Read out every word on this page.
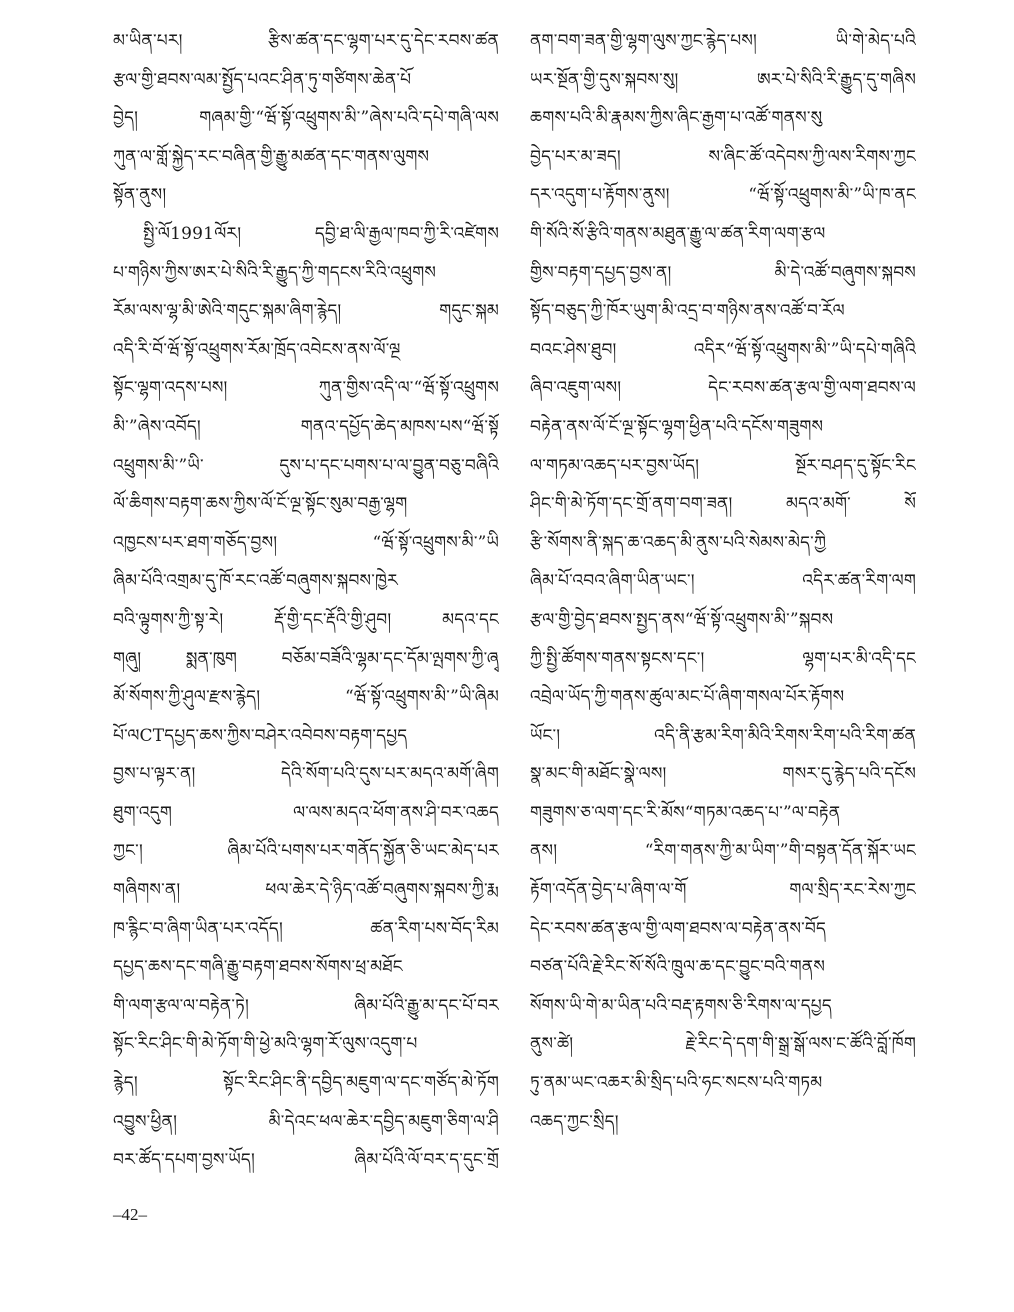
མ་ཡིན་པར། རྩིས་ཚན་དང་ལྷག་པར་དུ་དེང་རབས་ཚན
རྩལ་གྱི་ཐབས་ལམ་སྤྱོད་པའང་ཤིན་ཏུ་གཙིགས་ཆེན་པོ
བྱེད། གཞམ་གྱི་“ཝོ་སྟོ་འཕྲུགས་མི་”ཞེས་པའི་དཔེ་གཞི་ལས
ཀུན་ལ་གློ་སྐྱེད་རང་བཞིན་གྱི་རྒྱུ་མཚན་དང་གནས་ལུགས
སྟོན་ནུས།
སྤྱི་ལོ1991ལོར། དབྱི་ཐ་ལི་རྒྱལ་ཁབ་ཀྱི་རི་འཛེགས
པ་གཉིས་ཀྱིས་ཨར་པེ་སིའི་རི་རྒྱུད་ཀྱི་གདངས་རིའི་འཕྲུགས
རོམ་ལས་ལྷ་མི་ཨེའི་གདུང་སྐམ་ཞིག་རྙེད། གདུང་སྐམ
འདི་རི་བོ་ཝོ་སྟོ་འཕྲུགས་རོམ་ཁྲོད་འབེངས་ནས་ལོ་ལྔ
སྟོང་ལྷག་འདས་པས། ཀུན་གྱིས་འདི་ལ་“ཝོ་སྟོ་འཕྲུགས
མི་”ཞེས་འབོད། གནའ་དཔྱོད་ཆེད་མཁས་པས“ཝོ་སྟོ
འཕྲུགས་མི་”ཡི་ དུས་པ་དང་པགས་པ་ལ་བྱུན་བཅུ་བཞིའི
ལོ་ཆིགས་བརྟག་ཆས་ཀྱིས་ལོ་ངོ་ལྔ་སྟོང་སུམ་བརྒྱ་ལྷག
འཁྱངས་པར་ཐག་གཅོད་བྱས། “ཝོ་སྟོ་འཕྲུགས་མི་”ཡི
ཞིམ་པོའི་འགྲམ་དུ་ཁོ་རང་འཚོ་བཞུགས་སྐབས་ཁྱེར
བའི་ལྟུགས་ཀྱི་སྟ་རེ། རྡོ་གྱི་དང་རྡོའི་གྱི་ཤུབ། མདའ་དང
གཞུ། སྨན་ཁུག བཅོམ་བཟོའི་ལྷམ་དང་དོམ་ལྤགས་ཀྱི་ཞྭ
མོ་སོགས་ཀྱི་ཤུལ་རྫས་རྙེད། “ཝོ་སྟོ་འཕྲུགས་མི་”ཡི་ཞིམ
པོ་ལCTདཔྱད་ཆས་ཀྱིས་བཤེར་འབེབས་བརྟག་དཔྱད
བྱས་པ་ལྟར་ན། དེའི་སོག་པའི་དུས་པར་མདའ་མགོ་ཞིག
ཐུག་འདུག ལ་ལས་མདའ་ཕོག་ནས་ཤི་བར་འཆད
ཀྱང་། ཞིམ་པོའི་པགས་པར་གནོད་སྐྱོན་ཅི་ཡང་མེད་པར
གཞིགས་ན། ཕལ་ཆེར་དེ་ཉིད་འཚོ་བཞུགས་སྐབས་ཀྱི་རྨ
ཁ་རྙིང་བ་ཞིག་ཡིན་པར་འདོད། ཚན་རིག་པས་བོད་རིམ
དཔྱད་ཆས་དང་གཞི་རྒྱུ་བརྟག་ཐབས་སོགས་ཕྲ་མཐོང
གི་ལག་རྩལ་ལ་བརྟེན་ཏེ། ཞིམ་པོའི་རྒྱུ་མ་དང་པོ་བར
སྟོང་རིང་ཤིང་གི་མེ་ཏོག་གི་ཕྱེ་མའི་ལྷག་རོ་ལུས་འདུག་པ
རྙེད། སྟོང་རིང་ཤིང་ནི་དབྱིད་མཇུག་ལ་དང་གཙོད་མེ་ཏོག
འབྱུས་ཕྱིན། མི་དེའང་ཕལ་ཆེར་དབྱིད་མཇུག་ཅིག་ལ་ཤི
བར་ཚོད་དཔག་བྱས་ཡོད། ཞིམ་པོའི་ལོ་བར་ད་དུང་གྲོ
ནག་བག་ཟན་གྱི་ལྷག་ལུས་ཀྱང་རྙེད་པས། ཡི་གེ་མེད་པའི
ཡར་སྔོན་གྱི་དུས་སྐབས་སུ། ཨར་པེ་སིའི་རི་རྒྱུད་དུ་གཞིས
ཆགས་པའི་མི་རྣམས་ཀྱིས་ཞིང་རྒྱག་པ་འཚོ་གནས་སུ
བྱེད་པར་མ་ཟད། ས་ཞིང་ཚོ་འདེབས་ཀྱི་ལས་རིགས་ཀྱང
དར་འདུག་པ་རྟོགས་ནུས། “ཝོ་སྟོ་འཕྲུགས་མི་”ཡི་ཁ་ནང
གི་སོའི་སོ་རྩིའི་གནས་མཐུན་རྒྱུ་ལ་ཚན་རིག་ལག་རྩལ
གྱིས་བརྟག་དཔྱད་བྱས་ན། མི་དེ་འཚོ་བཞུགས་སྐབས
སྟོད་བཅུད་ཀྱི་ཁོར་ཡུག་མི་འདྲ་བ་གཉིས་ནས་འཚོ་བ་རོལ
བའང་ཤེས་ཐུབ། འདིར“ཝོ་སྟོ་འཕྲུགས་མི་”ཡི་དཔེ་གཞིའི
ཞིབ་འཇུག་ལས། དེང་རབས་ཚན་རྩལ་གྱི་ལག་ཐབས་ལ
བརྟེན་ནས་ལོ་ངོ་ལྔ་སྟོང་ལྷག་ཕྱིན་པའི་དངོས་གཟུགས
ལ་གཏམ་འཆད་པར་བྱས་ཡོད། སྔོར་བཤད་དུ་སྟོང་རིང
ཤིང་གི་མེ་ཏོག་དང་གྲོ་ནག་བག་ཟན། མདའ་མགོ་ སོ
རྩི་སོགས་ནི་སྐད་ཆ་འཆད་མི་ནུས་པའི་སེམས་མེད་ཀྱི
ཞིམ་པོ་འབའ་ཞིག་ཡིན་ཡང་། འདིར་ཚན་རིག་ལག
རྩལ་གྱི་བྱེད་ཐབས་སྤྱད་ནས“ཝོ་སྟོ་འཕྲུགས་མི་”སྐབས
ཀྱི་སྤྱི་ཚོགས་གནས་སྟངས་དང་། ལྷག་པར་མི་འདི་དང
འབྲེལ་ཡོད་ཀྱི་གནས་ཚུལ་མང་པོ་ཞིག་གསལ་པོར་རྟོགས
ཡོང་། འདི་ནི་རྩམ་རིག་མིའི་རིགས་རིག་པའི་རིག་ཚན
སྣ་མང་གི་མཐོང་སྣེ་ལས། གསར་དུ་རྙེད་པའི་དངོས
གཟུགས་ཅ་ལག་དང་རི་མོས“གཏམ་འཆད་པ་”ལ་བརྟེན
ནས། “རིག་གནས་ཀྱི་མ་ཡིག་”གི་བསྟན་དོན་སྐོར་ཡང
རྟོག་འདོན་བྱེད་པ་ཞིག་ལ་གོ གལ་སྲིད་རང་རེས་ཀྱང
དེང་རབས་ཚན་རྩལ་གྱི་ལག་ཐབས་ལ་བརྟེན་ནས་བོད
བཙན་པོའི་རྗེ་རིང་སོ་སོའི་ཁྲུལ་ཆ་དང་བྱུང་བའི་གནས
སོགས་ཡི་གེ་མ་ཡིན་པའི་བརྡ་རྟགས་ཅི་རིགས་ལ་དཔྱད
ནུས་ཚེ། རྗེ་རིང་དེ་དག་གི་སྒྲ་སྒོ་ལས་ང་ཚོའི་བློ་ཁོག
ཏུ་ནམ་ཡང་འཆར་མི་སྲིད་པའི་ཧང་སངས་པའི་གཏམ
འཆད་ཀྱང་སྲིད།
–42–
